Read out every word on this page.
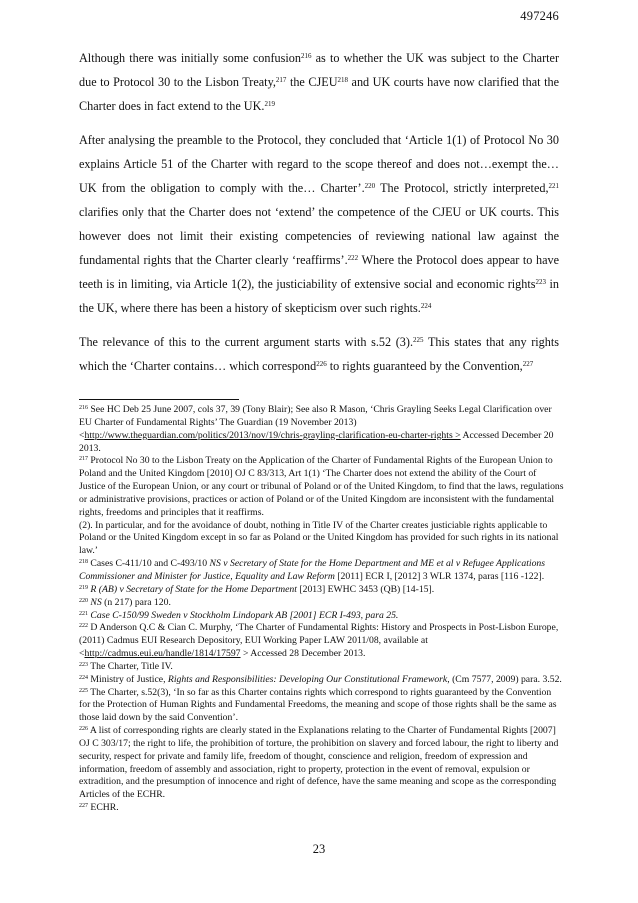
497246

Although there was initially some confusion$^{216}$ as to whether the UK was subject to the Charter due to Protocol 30 to the Lisbon Treaty,$^{217}$ the CJEU$^{218}$ and UK courts have now clarified that the Charter does in fact extend to the UK.$^{219}$

After analysing the preamble to the Protocol, they concluded that ‘Article 1(1) of Protocol No 30 explains Article 51 of the Charter with regard to the scope thereof and does not…exempt the… UK from the obligation to comply with the… Charter’.$^{220}$ The Protocol, strictly interpreted,$^{221}$ clarifies only that the Charter does not ‘extend’ the competence of the CJEU or UK courts. This however does not limit their existing competencies of reviewing national law against the fundamental rights that the Charter clearly ‘reaffirms’.$^{222}$ Where the Protocol does appear to have teeth is in limiting, via Article 1(2), the justiciability of extensive social and economic rights$^{223}$ in the UK, where there has been a history of skepticism over such rights.$^{224}$

The relevance of this to the current argument starts with s.52 (3).$^{225}$ This states that any rights which the ‘Charter contains… which correspond$^{226}$ to rights guaranteed by the Convention,$^{227}$

$^{216}$ See HC Deb 25 June 2007, cols 37, 39 (Tony Blair); See also R Mason, ‘Chris Grayling Seeks Legal Clarification over EU Charter of Fundamental Rights’ The Guardian (19 November 2013) <http://www.theguardian.com/politics/2013/nov/19/chris-grayling-clarification-eu-charter-rights > Accessed December 20 2013.

$^{217}$ Protocol No 30 to the Lisbon Treaty on the Application of the Charter of Fundamental Rights of the European Union to Poland and the United Kingdom [2010] OJ C 83/313, Art 1(1) ‘The Charter does not extend the ability of the Court of Justice of the European Union, or any court or tribunal of Poland or of the United Kingdom, to find that the laws, regulations or administrative provisions, practices or action of Poland or of the United Kingdom are inconsistent with the fundamental rights, freedoms and principles that it reaffirms.

(2). In particular, and for the avoidance of doubt, nothing in Title IV of the Charter creates justiciable rights applicable to Poland or the United Kingdom except in so far as Poland or the United Kingdom has provided for such rights in its national law.’

$^{218}$ Cases C-411/10 and C-493/10 NS v Secretary of State for the Home Department and ME et al v Refugee Applications Commissioner and Minister for Justice, Equality and Law Reform [2011] ECR I, [2012] 3 WLR 1374, paras [116 -122].

$^{219}$ R (AB) v Secretary of State for the Home Department [2013] EWHC 3453 (QB) [14-15].

$^{220}$ NS (n 217) para 120.

$^{221}$ Case C-150/99 Sweden v Stockholm Lindopark AB [2001] ECR I-493, para 25.

$^{222}$ D Anderson Q.C & Cian C. Murphy, ‘The Charter of Fundamental Rights: History and Prospects in Post-Lisbon Europe, (2011) Cadmus EUI Research Depository, EUI Working Paper LAW 2011/08, available at <http://cadmus.eui.eu/handle/1814/17597 > Accessed 28 December 2013.

$^{223}$ The Charter, Title IV.

$^{224}$ Ministry of Justice, Rights and Responsibilities: Developing Our Constitutional Framework, (Cm 7577, 2009) para. 3.52.

$^{225}$ The Charter, s.52(3), ‘In so far as this Charter contains rights which correspond to rights guaranteed by the Convention for the Protection of Human Rights and Fundamental Freedoms, the meaning and scope of those rights shall be the same as those laid down by the said Convention’.

$^{226}$ A list of corresponding rights are clearly stated in the Explanations relating to the Charter of Fundamental Rights [2007] OJ C 303/17; the right to life, the prohibition of torture, the prohibition on slavery and forced labour, the right to liberty and security, respect for private and family life, freedom of thought, conscience and religion, freedom of expression and information, freedom of assembly and association, right to property, protection in the event of removal, expulsion or extradition, and the presumption of innocence and right of defence, have the same meaning and scope as the corresponding Articles of the ECHR.

$^{227}$ ECHR.

23
